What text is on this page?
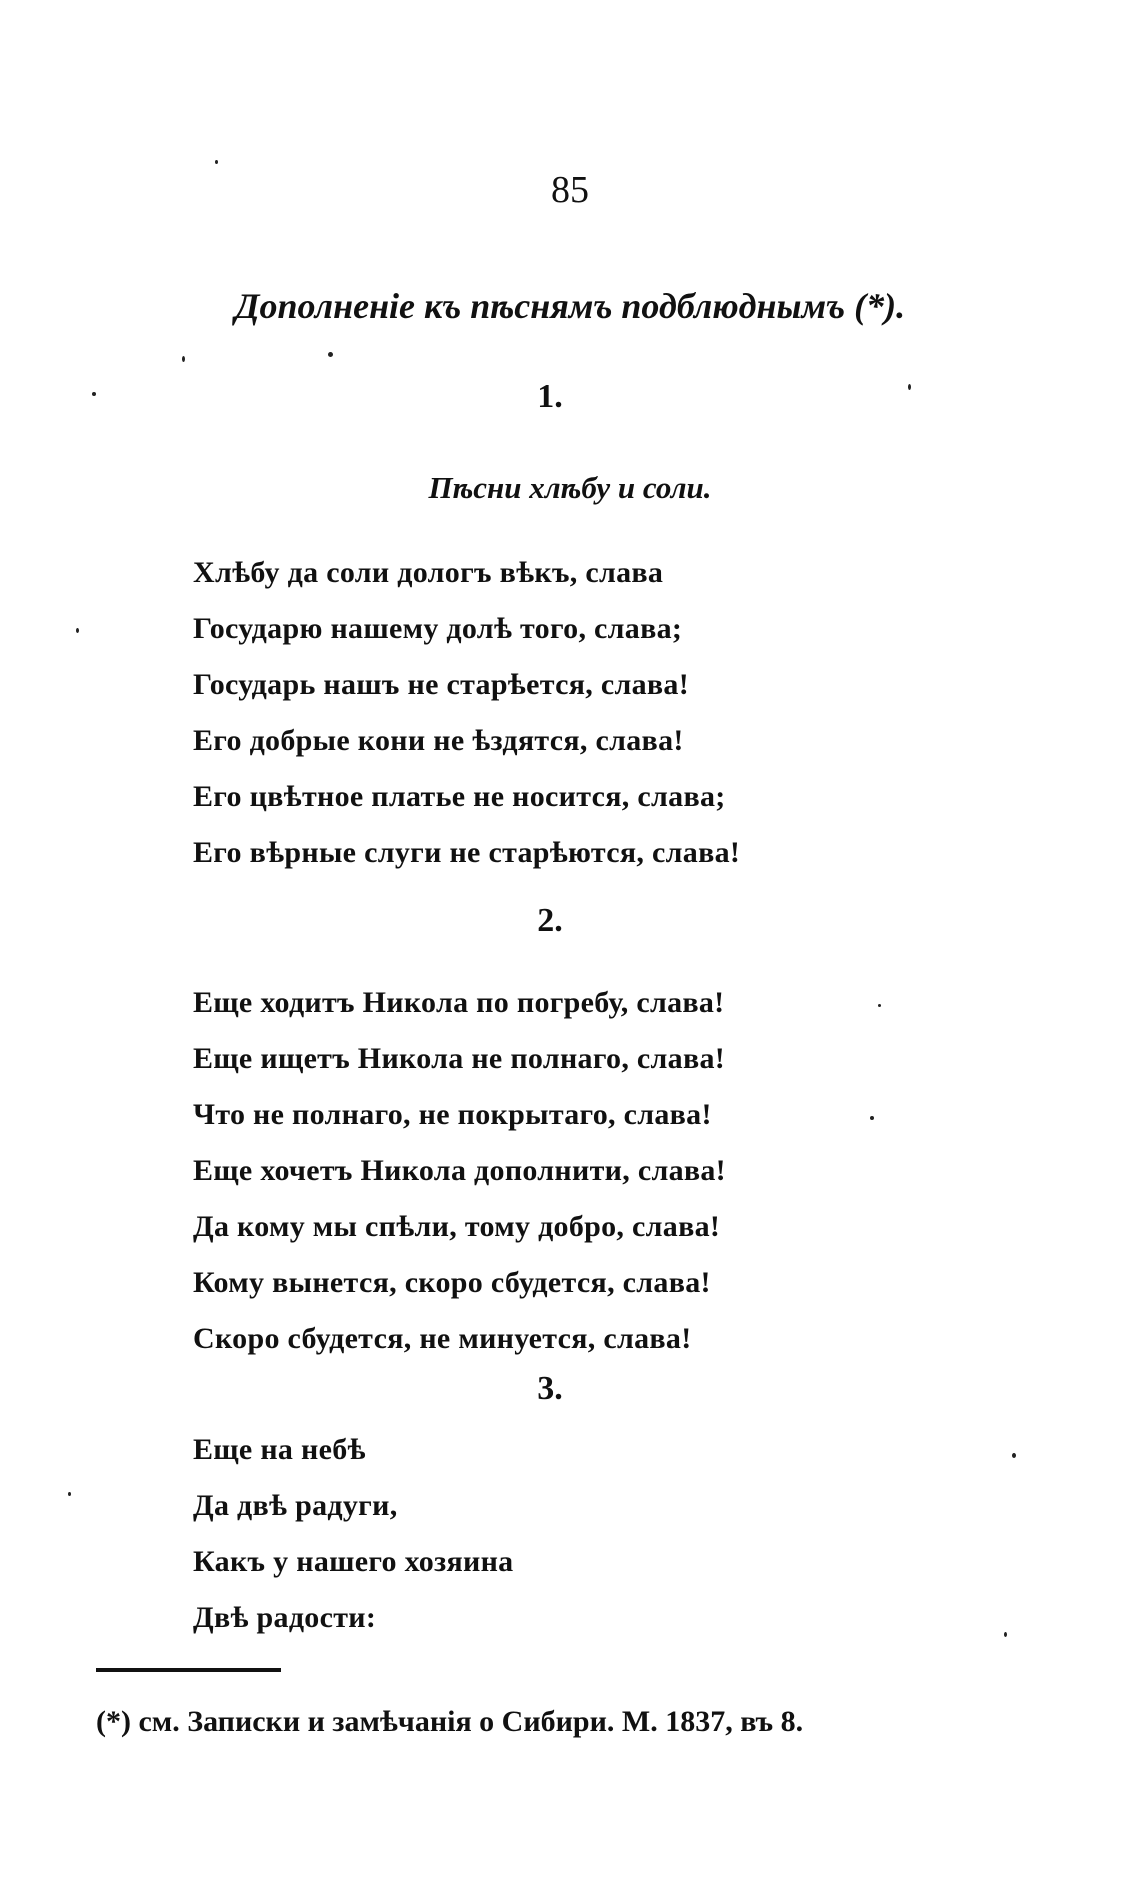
85
Дополненіе къ пѣснямъ подблюднымъ (*).
1.
Пѣсни хлѣбу и соли.
Хлѣбу да соли дологъ вѣкъ, слава
Государю нашему долѣ того, слава;
Государь нашъ не старѣется, слава!
Его добрые кони не ѣздятся, слава!
Его цвѣтное платье не носится, слава;
Его вѣрные слуги не старѣются, слава!
2.
Еще ходитъ Никола по погребу, слава!
Еще ищетъ Никола не полнаго, слава!
Что не полнаго, не покрытаго, слава!
Еще хочетъ Никола дополнити, слава!
Да кому мы спѣли, тому добро, слава!
Кому вынется, скоро сбудется, слава!
Скоро сбудется, не минуется, слава!
3.
Еще на небѣ
Да двѣ радуги,
Какъ у нашего хозяина
Двѣ радости:
(*) см. Записки и замѣчанія о Сибири. М. 1837, въ 8.
